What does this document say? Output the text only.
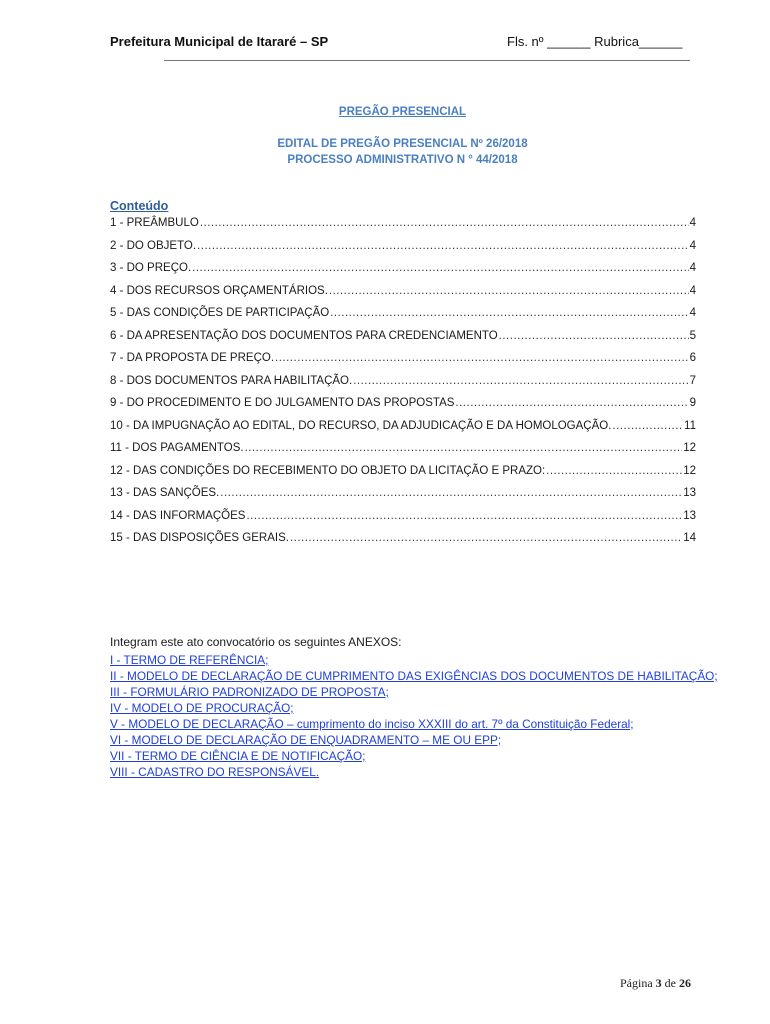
Prefeitura Municipal de Itararé – SP	Fls. nº ______ Rubrica______
PREGÃO PRESENCIAL
EDITAL DE PREGÃO PRESENCIAL Nº 26/2018
PROCESSO ADMINISTRATIVO N ° 44/2018
Conteúdo
1 - PREÂMBULO .....	4
2 - DO OBJETO. .....	4
3 - DO PREÇO. .....	4
4 - DOS RECURSOS ORÇAMENTÁRIOS. .....	4
5 - DAS CONDIÇÕES DE PARTICIPAÇÃO .....	4
6 - DA APRESENTAÇÃO DOS DOCUMENTOS PARA CREDENCIAMENTO .....	5
7 - DA PROPOSTA DE PREÇO. .....	6
8 - DOS DOCUMENTOS PARA HABILITAÇÃO. .....	7
9 - DO PROCEDIMENTO E DO JULGAMENTO DAS PROPOSTAS .....	9
10 - DA IMPUGNAÇÃO AO EDITAL, DO RECURSO, DA ADJUDICAÇÃO E DA HOMOLOGAÇÃO. .....	11
11 - DOS PAGAMENTOS. .....	12
12 - DAS CONDIÇÕES DO RECEBIMENTO DO OBJETO DA LICITAÇÃO E PRAZO: .....	12
13 - DAS SANÇÕES. .....	13
14 - DAS INFORMAÇÕES .....	13
15 - DAS DISPOSIÇÕES GERAIS. .....	14
Integram este ato convocatório os seguintes ANEXOS:
I - TERMO DE REFERÊNCIA;
II - MODELO DE DECLARAÇÃO DE CUMPRIMENTO DAS EXIGÊNCIAS DOS DOCUMENTOS DE HABILITAÇÃO;
III - FORMULÁRIO PADRONIZADO DE PROPOSTA;
IV - MODELO DE PROCURAÇÃO;
V - MODELO DE DECLARAÇÃO – cumprimento do inciso XXXIII do art. 7º da Constituição Federal;
VI - MODELO DE DECLARAÇÃO DE ENQUADRAMENTO – ME OU EPP;
VII - TERMO DE CIÊNCIA E DE NOTIFICAÇÃO;
VIII - CADASTRO DO RESPONSÁVEL.
Página 3 de 26
